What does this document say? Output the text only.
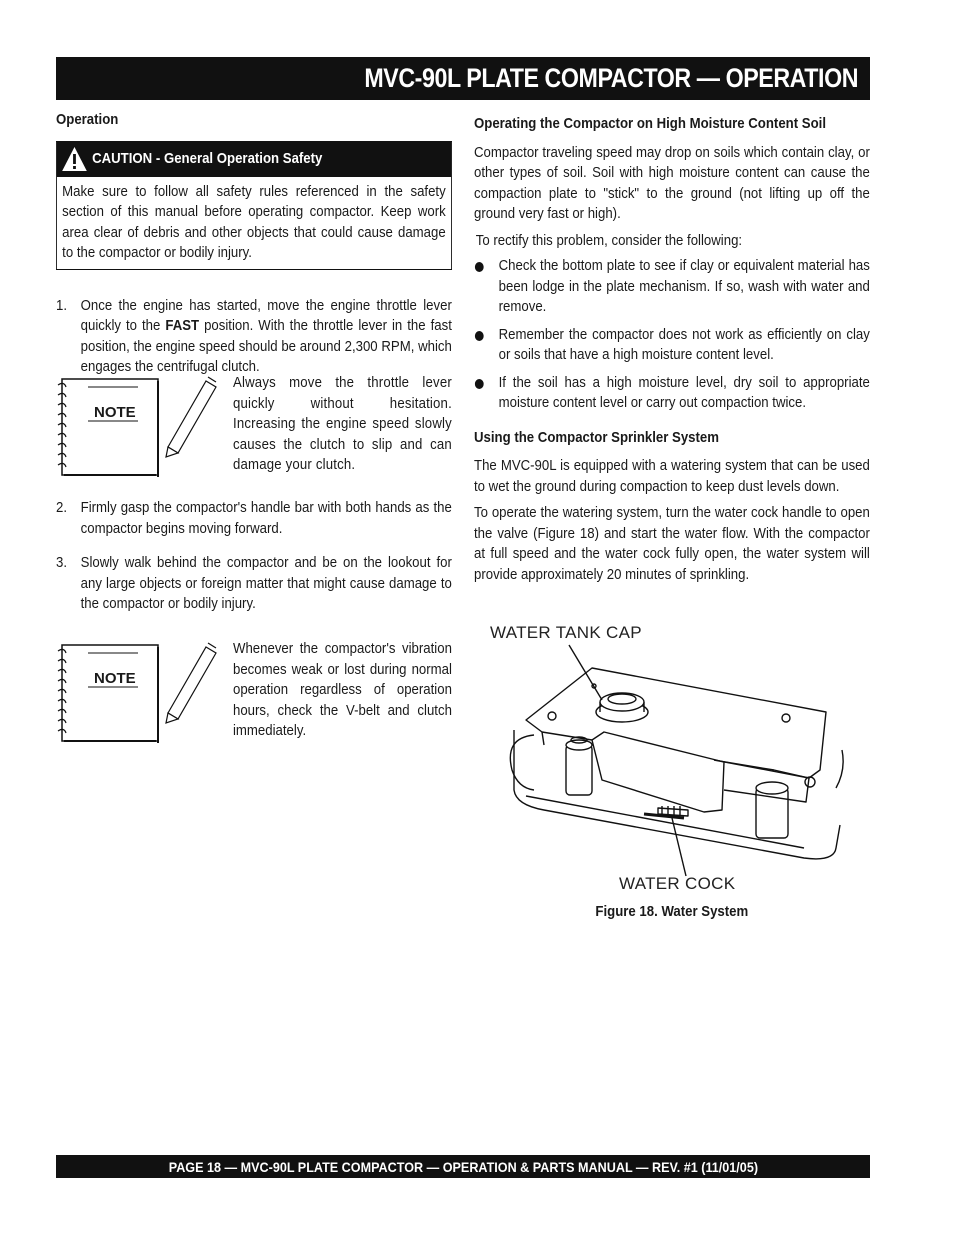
MVC-90L PLATE COMPACTOR — OPERATION

Operation

CAUTION - General Operation Safety
Make sure to follow all safety rules referenced in the safety section of this manual before operating compactor. Keep work area clear of debris and other objects that could cause damage to the compactor or bodily injury.
1. Once the engine has started, move the engine throttle lever quickly to the FAST position. With the throttle lever in the fast position, the engine speed should be around 2,300 RPM, which engages the centrifugal clutch.
NOTE
Always move the throttle lever quickly without hesitation. Increasing the engine speed slowly causes the clutch to slip and can damage your clutch.
2. Firmly gasp the compactor's handle bar with both hands as the compactor begins moving forward.
3. Slowly walk behind the compactor and be on the lookout for any large objects or foreign matter that might cause damage to the compactor or bodily injury.
NOTE
Whenever the compactor's vibration becomes weak or lost during normal operation regardless of operation hours, check the V-belt and clutch immediately.

Operating the Compactor on High Moisture Content Soil

Compactor traveling speed may drop on soils which contain clay, or other types of soil. Soil with high moisture content can cause the compaction plate to "stick" to the ground (not lifting up off the ground very fast or high).

To rectify this problem, consider the following:

Check the bottom plate to see if clay or equivalent material has been lodge in the plate mechanism. If so, wash with water and remove.
Remember the compactor does not work as efficiently on clay or soils that have a high moisture content level.
If the soil has a high moisture level, dry soil to appropriate moisture content level or carry out compaction twice.

Using the Compactor Sprinkler System

The MVC-90L is equipped with a watering system that can be used to wet the ground during compaction to keep dust levels down.

To operate the watering system, turn the water cock handle to open the valve (Figure 18) and start the water flow. With the compactor at full speed and the water cock fully open, the water system will provide approximately 20 minutes of sprinkling.

WATER TANK CAP
WATER COCK
Figure 18. Water System
PAGE 18 — MVC-90L PLATE COMPACTOR — OPERATION & PARTS MANUAL — REV. #1 (11/01/05)
